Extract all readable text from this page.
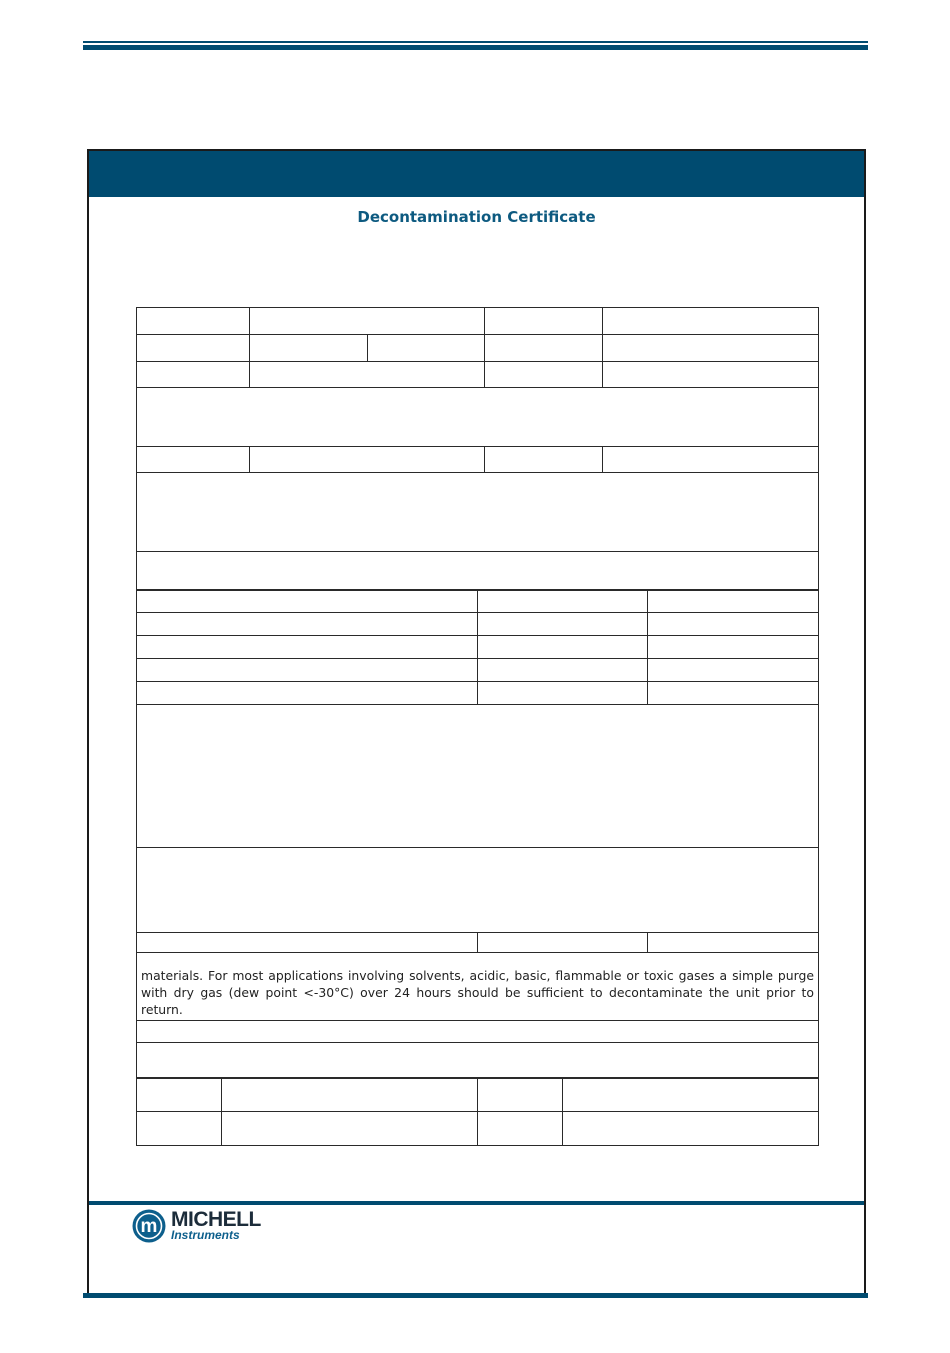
Decontamination Certificate

materials. For most applications involving solvents, acidic, basic, flammable or toxic gases a simple purge with dry gas (dew point <-30°C) over 24 hours should be sufficient to decontaminate the unit prior to return.		

m MICHELL
Instruments
